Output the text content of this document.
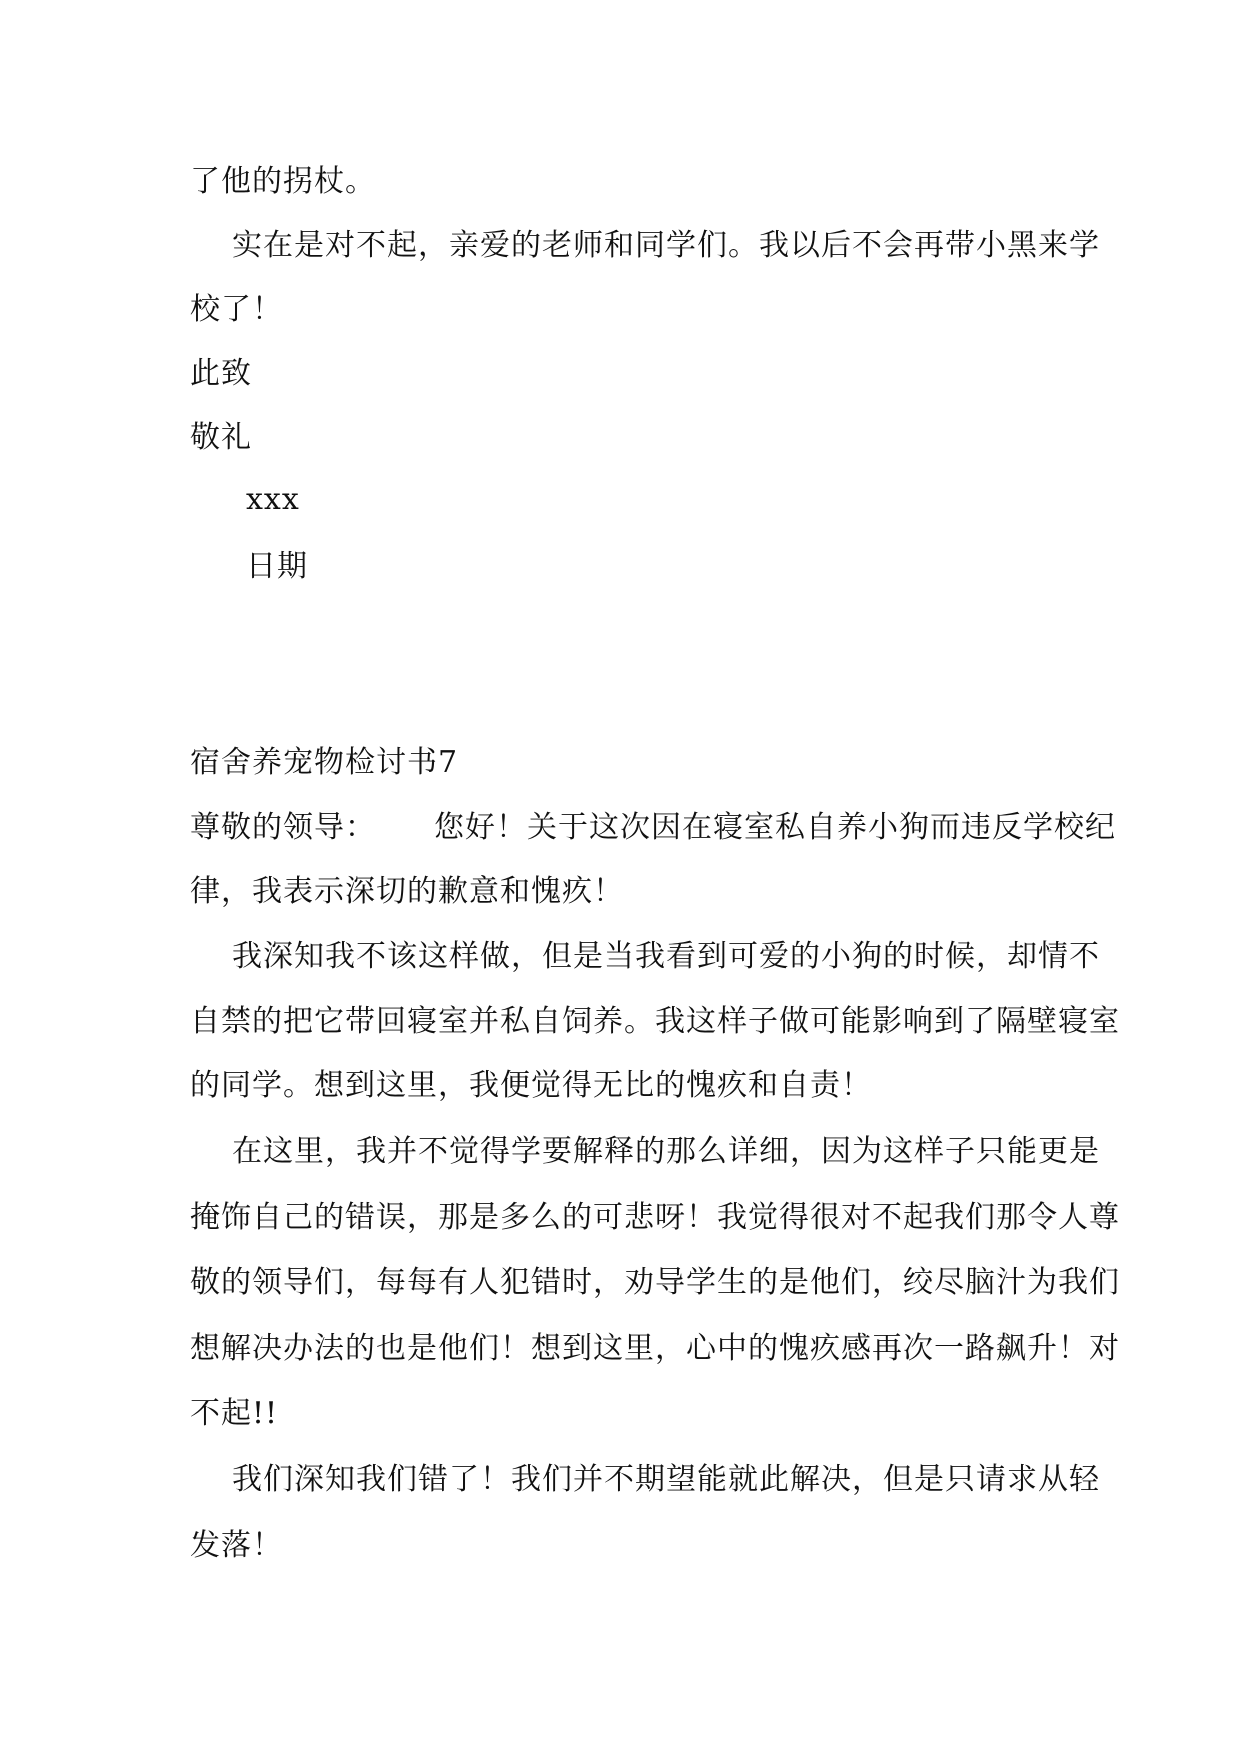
了他的拐杖。
实在是对不起，亲爱的老师和同学们。我以后不会再带小黑来学
校了！
此致
敬礼
xxx
日期
宿舍养宠物检讨书7
尊敬的领导： 您好！关于这次因在寝室私自养小狗而违反学校纪
律，我表示深切的歉意和愧疚！
我深知我不该这样做，但是当我看到可爱的小狗的时候，却情不
自禁的把它带回寝室并私自饲养。我这样子做可能影响到了隔壁寝室
的同学。想到这里，我便觉得无比的愧疚和自责！
在这里，我并不觉得学要解释的那么详细，因为这样子只能更是
掩饰自己的错误，那是多么的可悲呀！我觉得很对不起我们那令人尊
敬的领导们，每每有人犯错时，劝导学生的是他们，绞尽脑汁为我们
想解决办法的也是他们！想到这里，心中的愧疚感再次一路飙升！对
不起!!
我们深知我们错了！我们并不期望能就此解决，但是只请求从轻
发落！
